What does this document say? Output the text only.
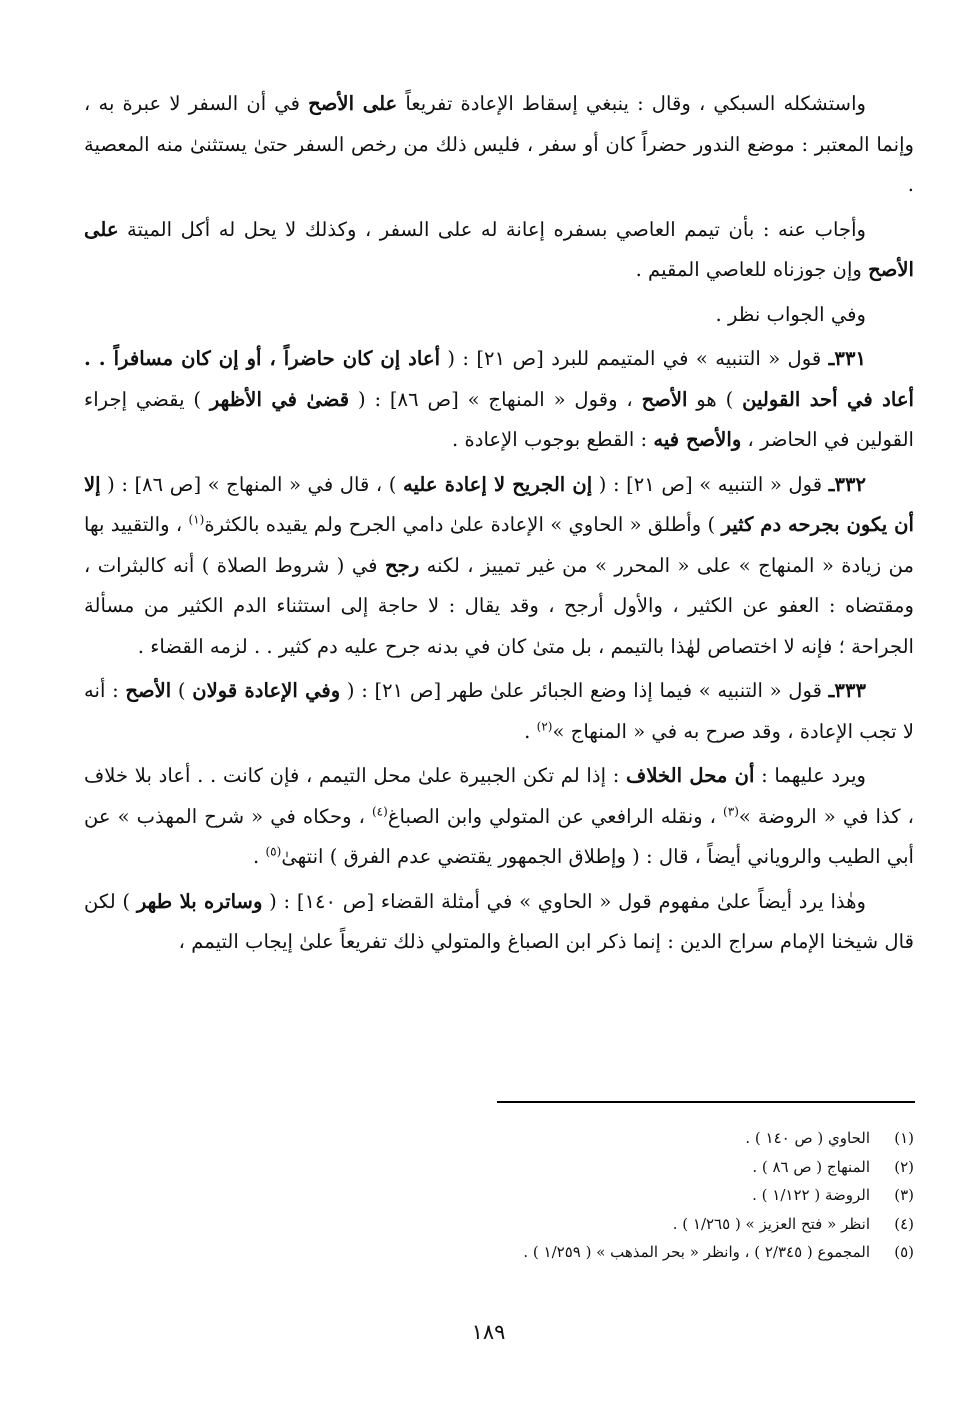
واستشكله السبكي ، وقال : ينبغي إسقاط الإعادة تفريعاً على الأصح في أن السفر لا عبرة به ، وإنما المعتبر : موضع الندور حضراً كان أو سفر ، فليس ذلك من رخص السفر حتىٰ يستثنىٰ منه المعصية .

وأجاب عنه : بأن تيمم العاصي بسفره إعانة له على السفر ، وكذلك لا يحل له أكل الميتة على الأصح وإن جوزناه للعاصي المقيم .

وفي الجواب نظر .

٣٣١ـ قول « التنبيه » في المتيمم للبرد [ص ٢١] : ( أعاد إن كان حاضراً ، أو إن كان مسافراً . . أعاد في أحد القولين ) هو الأصح ، وقول « المنهاج » [ص ٨٦] : ( قضىٰ في الأظهر ) يقضي إجراء القولين في الحاضر ، والأصح فيه : القطع بوجوب الإعادة .

٣٣٢ـ قول « التنبيه » [ص ٢١] : ( إن الجريح لا إعادة عليه ) ، قال في « المنهاج » [ص ٨٦] : ( إلا أن يكون بجرحه دم كثير ) وأطلق « الحاوي » الإعادة علىٰ دامي الجرح ولم يقيده بالكثرة$^{(١)}$ ، والتقييد بها من زيادة « المنهاج » على « المحرر » من غير تمييز ، لكنه رجح في ( شروط الصلاة ) أنه كالبثرات ، ومقتضاه : العفو عن الكثير ، والأول أرجح ، وقد يقال : لا حاجة إلى استثناء الدم الكثير من مسألة الجراحة ؛ فإنه لا اختصاص لهٰذا بالتيمم ، بل متىٰ كان في بدنه جرح عليه دم كثير . . لزمه القضاء .

٣٣٣ـ قول « التنبيه » فيما إذا وضع الجبائر علىٰ طهر [ص ٢١] : ( وفي الإعادة قولان ) الأصح : أنه لا تجب الإعادة ، وقد صرح به في « المنهاج »$^{(٢)}$ .

ويرد عليهما : أن محل الخلاف : إذا لم تكن الجبيرة علىٰ محل التيمم ، فإن كانت . . أعاد بلا خلاف ، كذا في « الروضة »$^{(٣)}$ ، ونقله الرافعي عن المتولي وابن الصباغ$^{(٤)}$ ، وحكاه في « شرح المهذب » عن أبي الطيب والروياني أيضاً ، قال : ( وإطلاق الجمهور يقتضي عدم الفرق ) انتهىٰ$^{(٥)}$ .

وهٰذا يرد أيضاً علىٰ مفهوم قول « الحاوي » في أمثلة القضاء [ص ١٤٠] : ( وساتره بلا طهر ) لكن قال شيخنا الإمام سراج الدين : إنما ذكر ابن الصباغ والمتولي ذلك تفريعاً علىٰ إيجاب التيمم ،

(١)
الحاوي ( ص ١٤٠ ) .
(٢)
المنهاج ( ص ٨٦ ) .
(٣)
الروضة ( ١/١٢٢ ) .
(٤)
انظر « فتح العزيز » ( ١/٢٦٥ ) .
(٥)
المجموع ( ٢/٣٤٥ ) ، وانظر « بحر المذهب » ( ١/٢٥٩ ) .
١٨٩
